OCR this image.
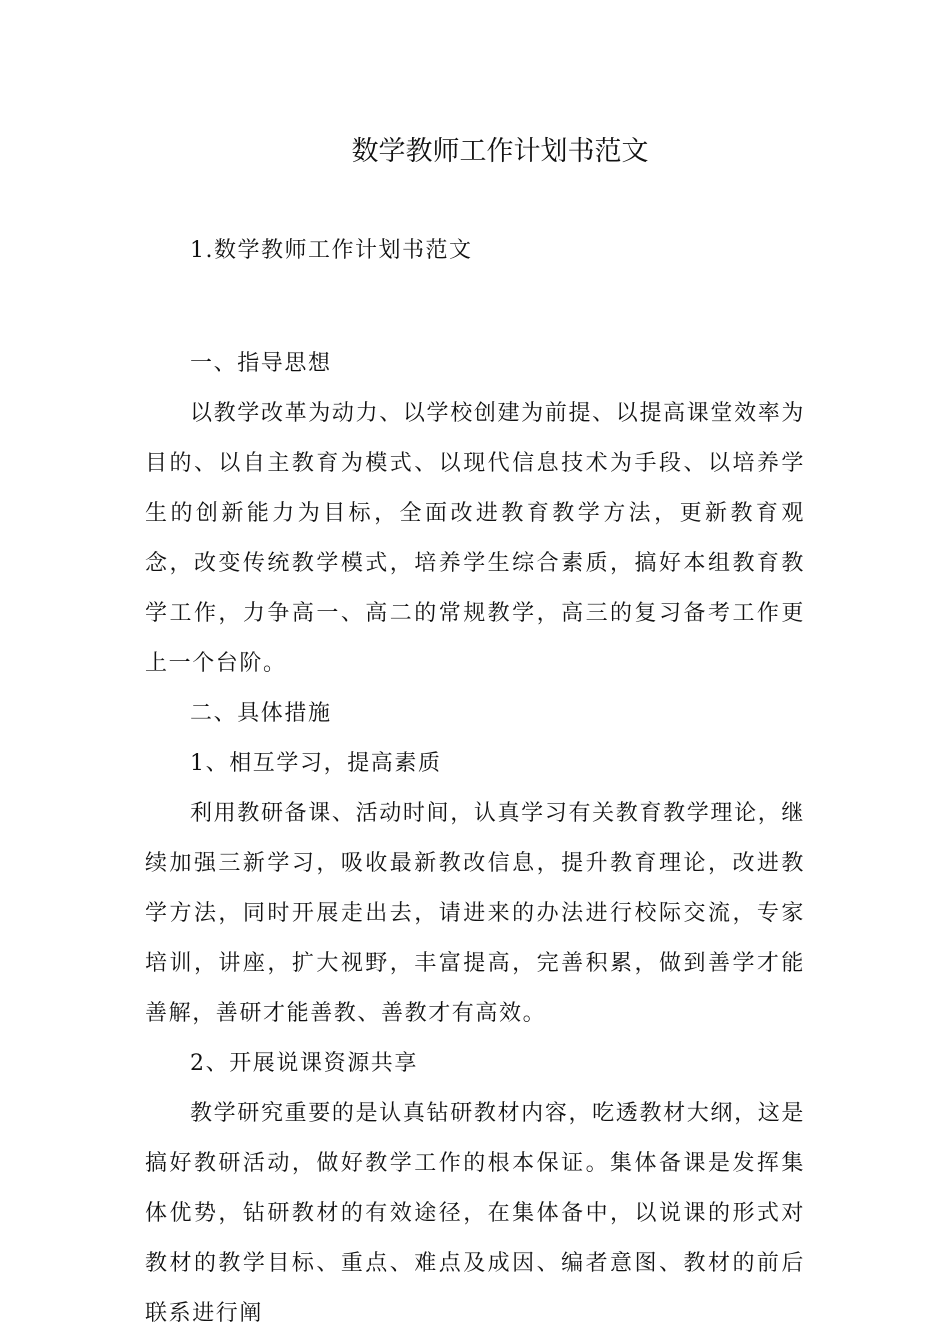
数学教师工作计划书范文

1.数学教师工作计划书范文

一、指导思想

以教学改革为动力、以学校创建为前提、以提高课堂效率为目的、以自主教育为模式、以现代信息技术为手段、以培养学生的创新能力为目标，全面改进教育教学方法，更新教育观念，改变传统教学模式，培养学生综合素质，搞好本组教育教学工作，力争高一、高二的常规教学，高三的复习备考工作更上一个台阶。

二、具体措施

1、相互学习，提高素质

利用教研备课、活动时间，认真学习有关教育教学理论，继续加强三新学习，吸收最新教改信息，提升教育理论，改进教学方法，同时开展走出去，请进来的办法进行校际交流，专家培训，讲座，扩大视野，丰富提高，完善积累，做到善学才能善解，善研才能善教、善教才有高效。

2、开展说课资源共享

教学研究重要的是认真钻研教材内容，吃透教材大纲，这是搞好教研活动，做好教学工作的根本保证。集体备课是发挥集体优势，钻研教材的有效途径，在集体备中，以说课的形式对教材的教学目标、重点、难点及成因、编者意图、教材的前后联系进行阐
